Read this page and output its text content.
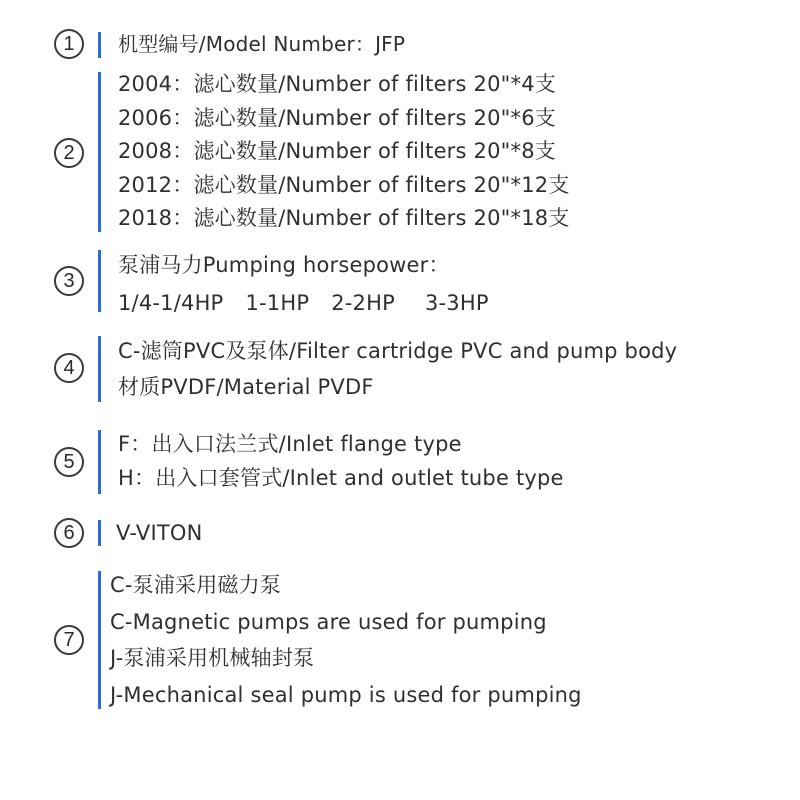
1	机型编号/Model Number：JFP
2
2004：滤心数量/Number of filters 20"*4支
2006：滤心数量/Number of filters 20"*6支
2008：滤心数量/Number of filters 20"*8支
2012：滤心数量/Number of filters 20"*12支
2018：滤心数量/Number of filters 20"*18支
3
泵浦马力Pumping horsepower：
1/4-1/4HP 1-1HP 2-2HP 3-3HP
4
C-滤筒PVC及泵体/Filter cartridge PVC and pump body
材质PVDF/Material PVDF
5
F：出入口法兰式/Inlet flange type
H：出入口套管式/Inlet and outlet tube type
6	V-VITON
7
C-泵浦采用磁力泵
C-Magnetic pumps are used for pumping
J-泵浦采用机械轴封泵
J-Mechanical seal pump is used for pumping
